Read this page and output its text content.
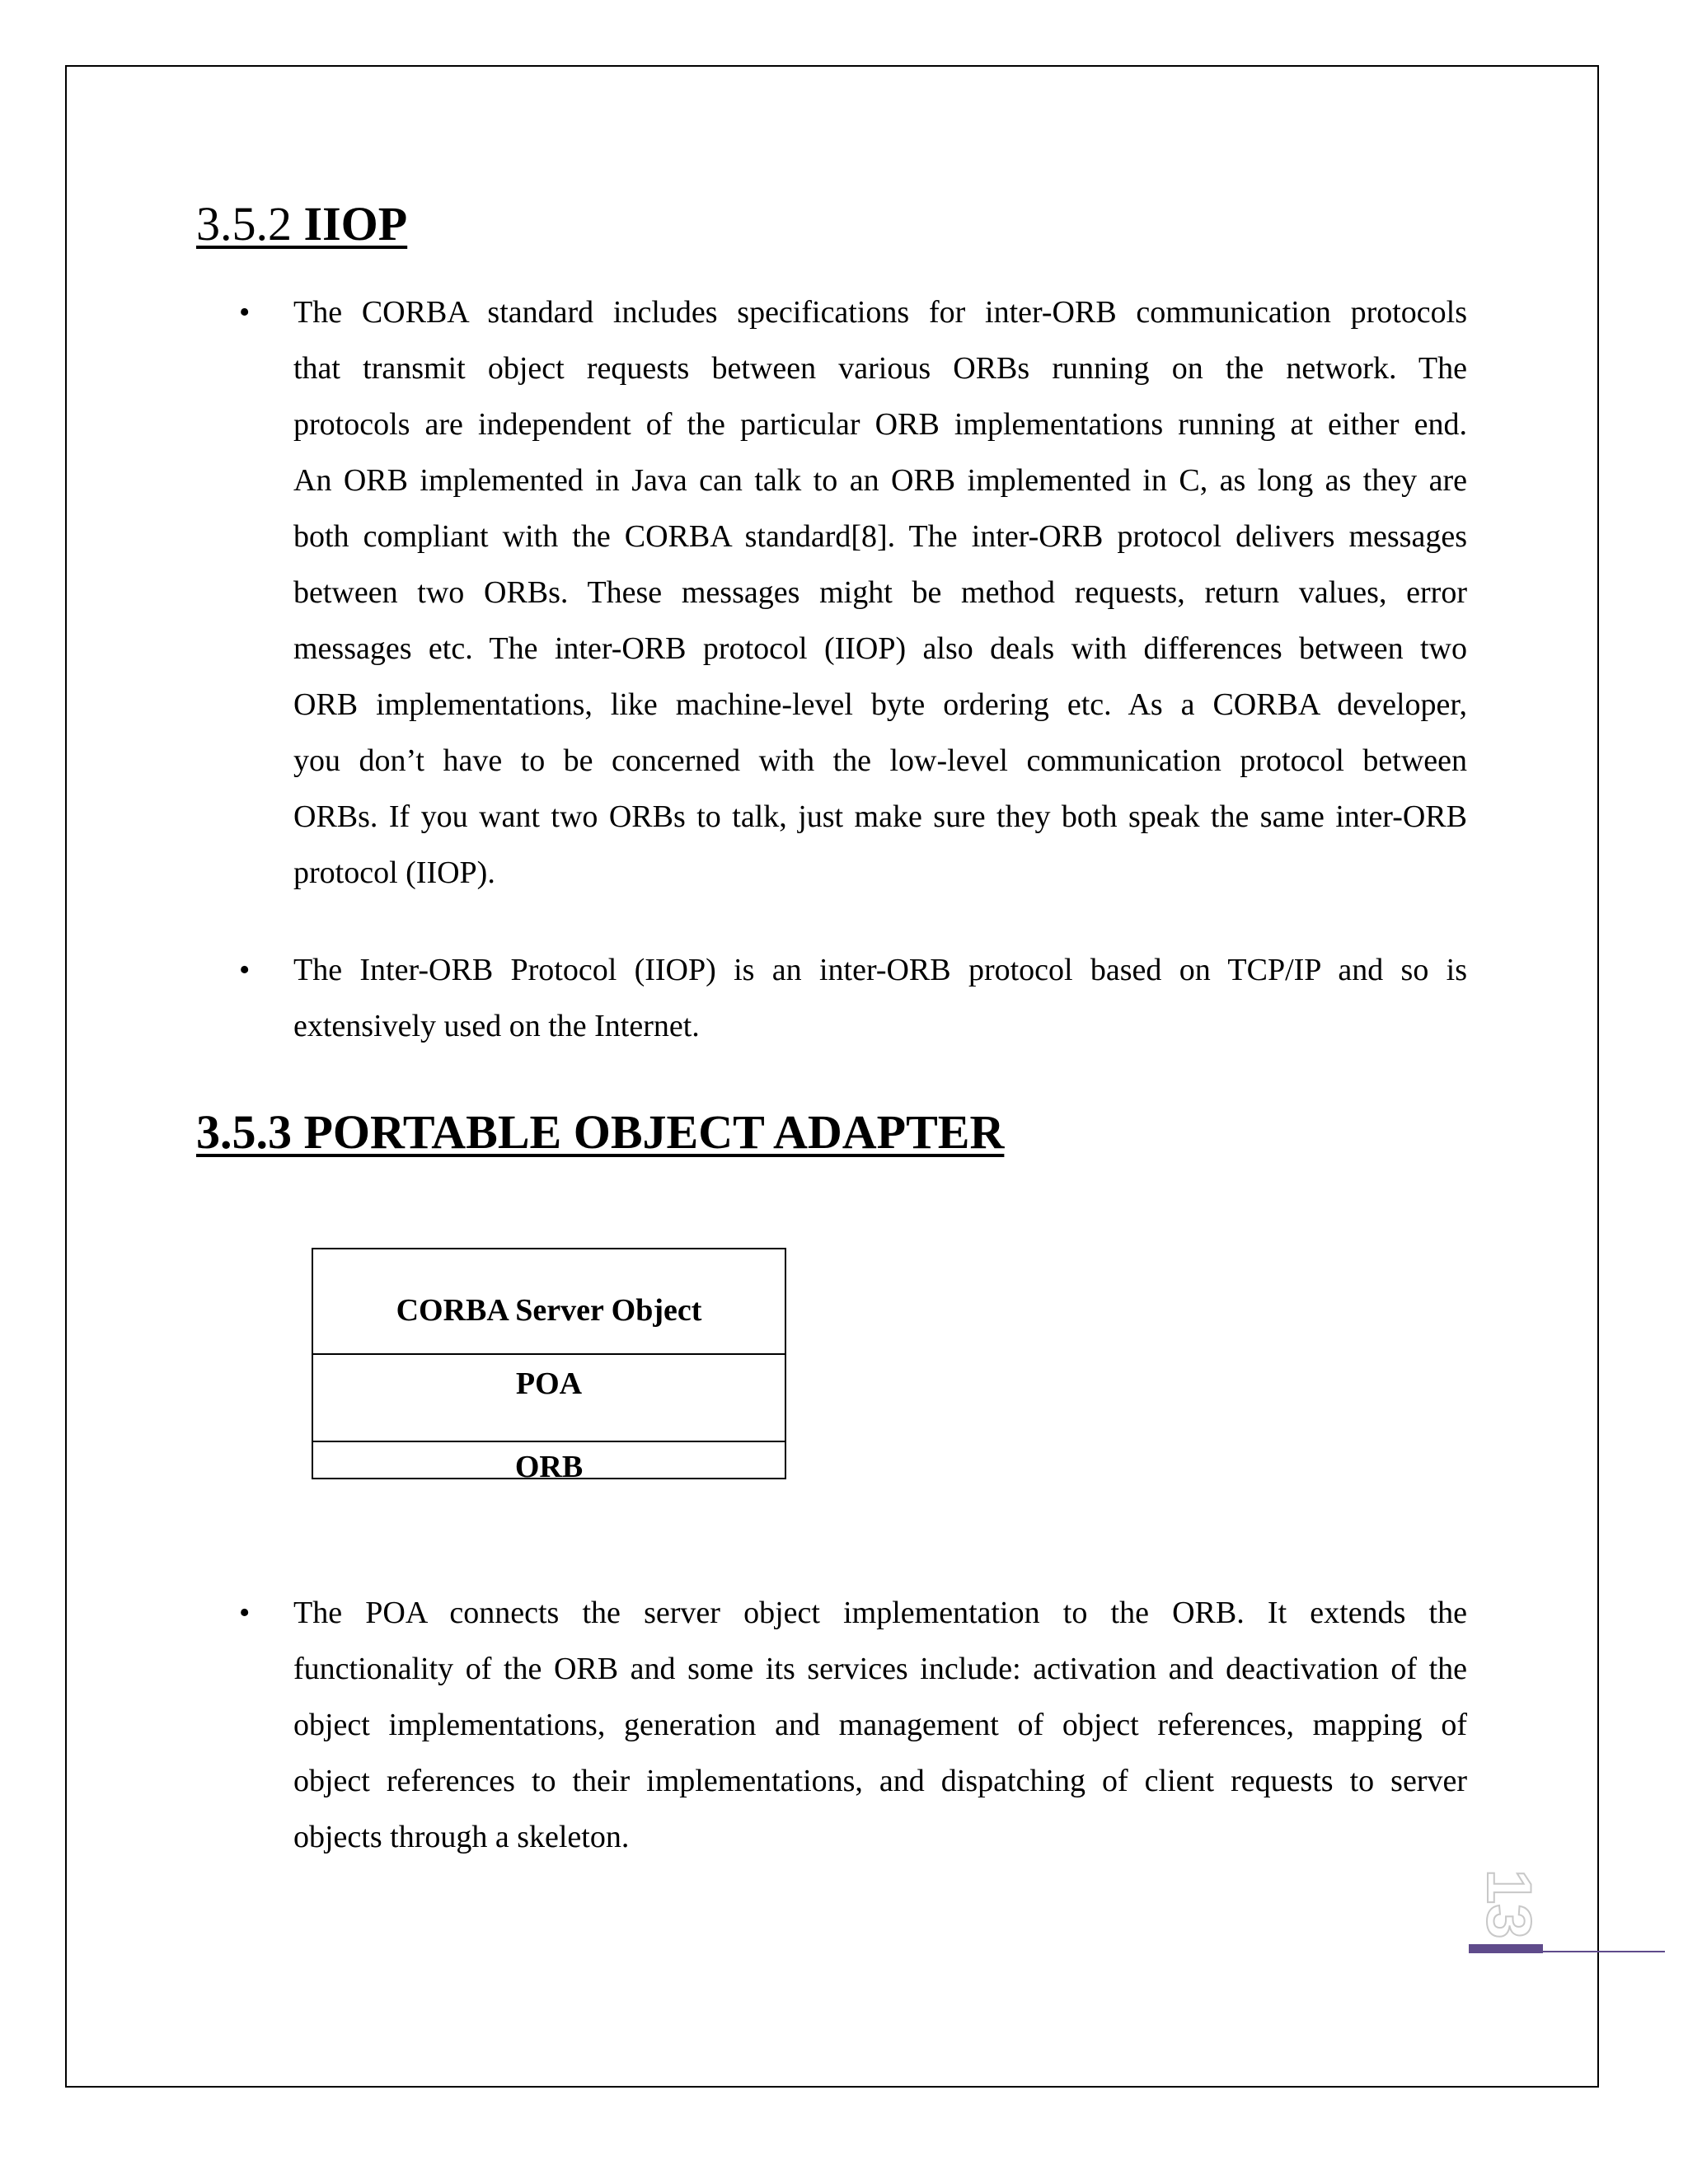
3.5.2 IIOP
•	The CORBA standard includes specifications for inter-ORB communication protocols
that transmit object requests between various ORBs running on the network. The
protocols are independent of the particular ORB implementations running at either end.
An ORB implemented in Java can talk to an ORB implemented in C, as long as they are
both compliant with the CORBA standard[8]. The inter-ORB protocol delivers messages
between two ORBs. These messages might be method requests, return values, error
messages etc. The inter-ORB protocol (IIOP) also deals with differences between two
ORB implementations, like machine-level byte ordering etc. As a CORBA developer,
you don’t have to be concerned with the low-level communication protocol between
ORBs. If you want two ORBs to talk, just make sure they both speak the same inter-ORB
protocol (IIOP).
•	The Inter-ORB Protocol (IIOP) is an inter-ORB protocol based on TCP/IP and so is
extensively used on the Internet.
3.5.3 PORTABLE OBJECT ADAPTER
CORBA Server Object
POA
ORB
•	The POA connects the server object implementation to the ORB. It extends the
functionality of the ORB and some its services include: activation and deactivation of the
object implementations, generation and management of object references, mapping of
object references to their implementations, and dispatching of client requests to server
objects through a skeleton.
13
